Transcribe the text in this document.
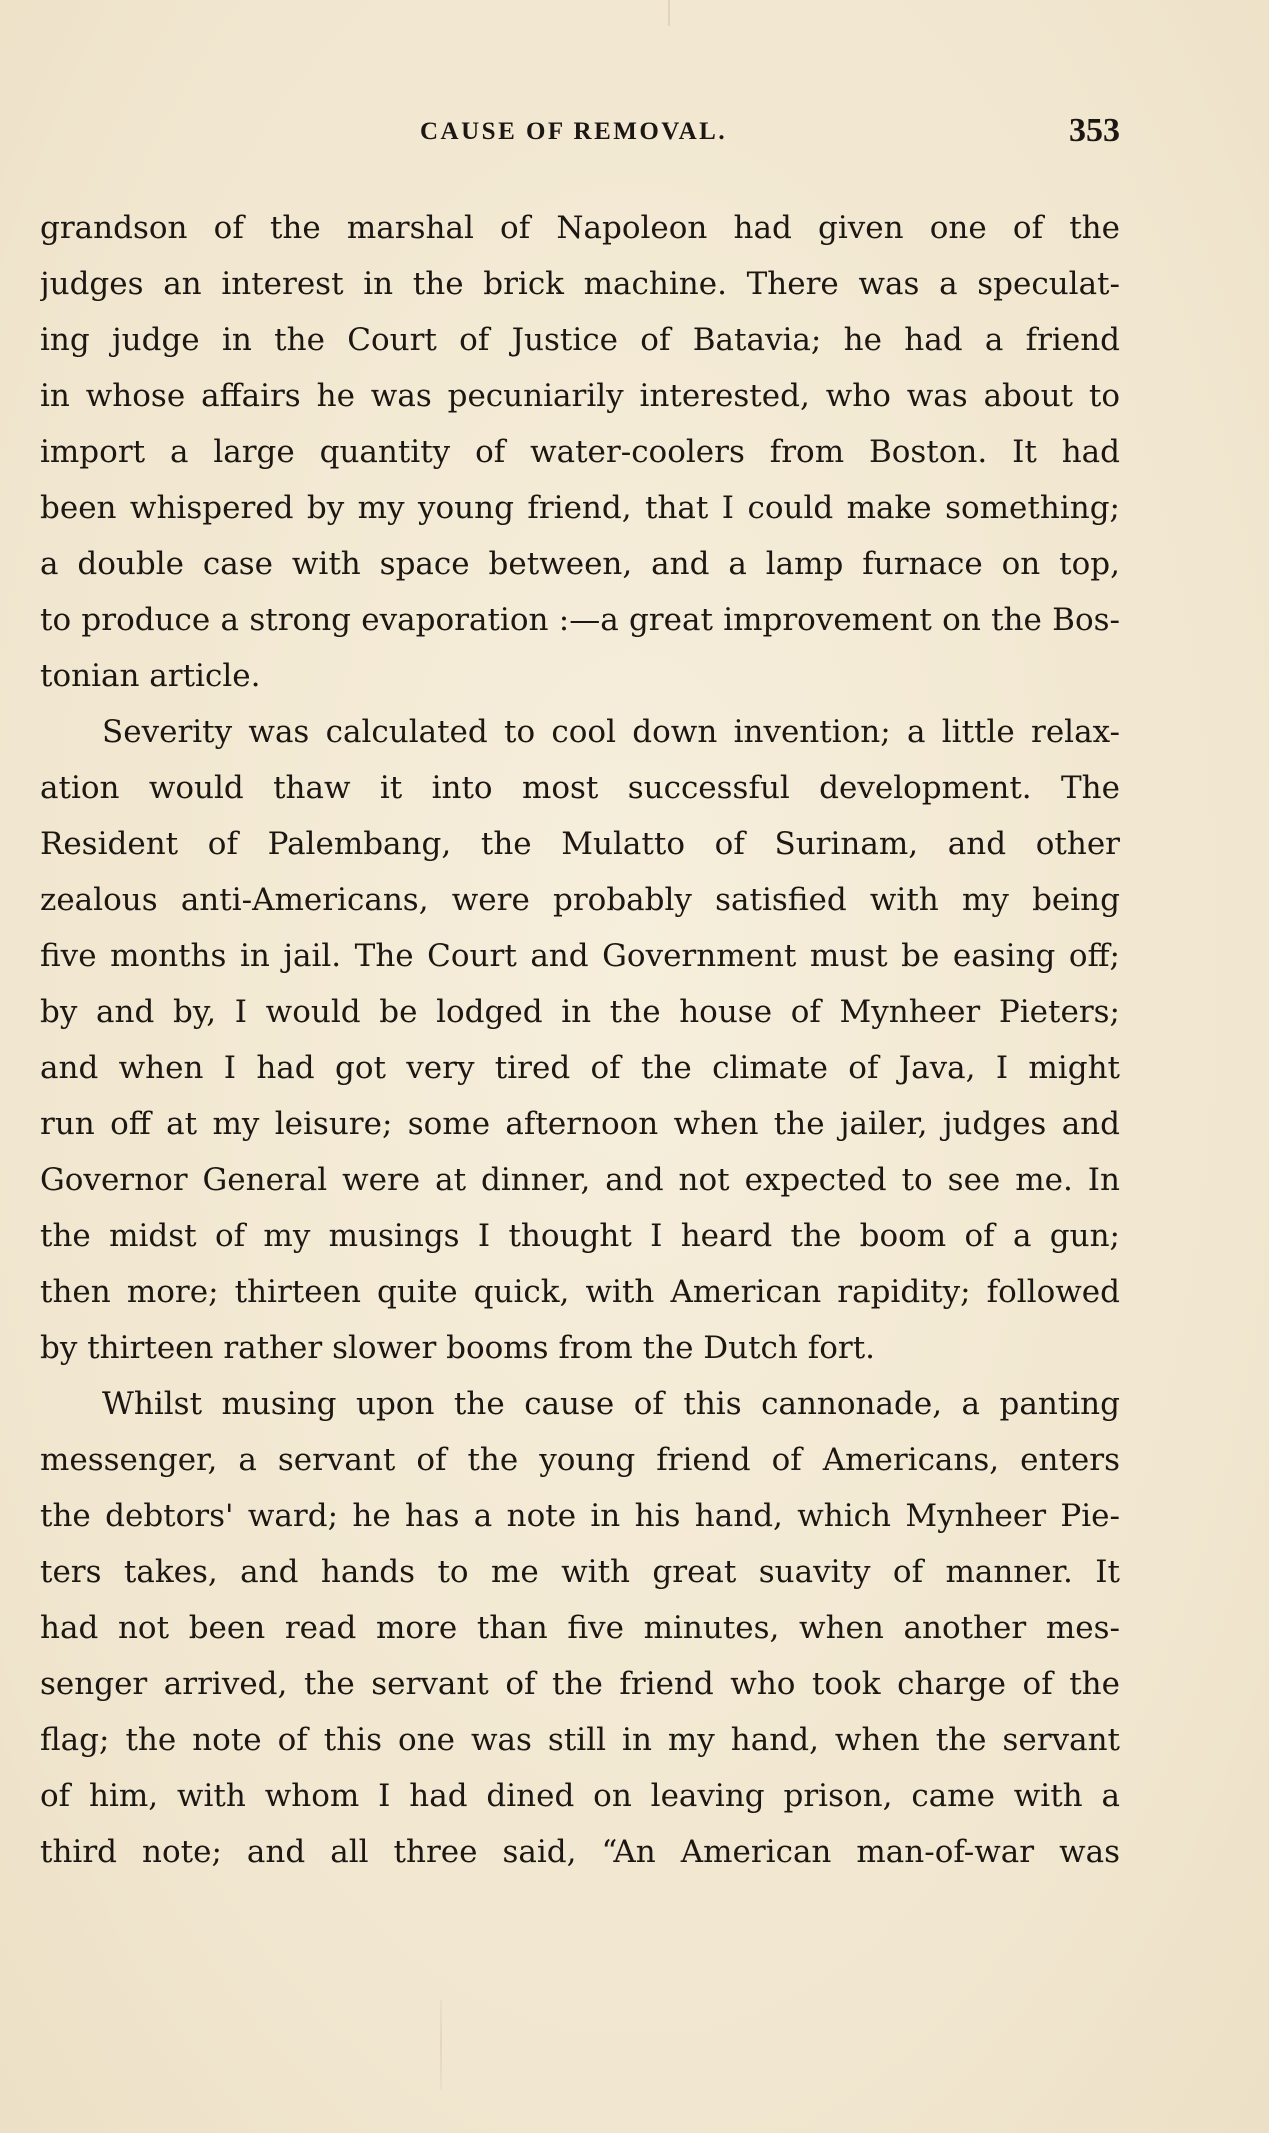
CAUSE OF REMOVAL.	353
grandson of the marshal of Napoleon had given one of the
judges an interest in the brick machine. There was a speculat-
ing judge in the Court of Justice of Batavia; he had a friend
in whose affairs he was pecuniarily interested, who was about to
import a large quantity of water-coolers from Boston. It had
been whispered by my young friend, that I could make something;
a double case with space between, and a lamp furnace on top,
to produce a strong evaporation :—a great improvement on the Bos-
tonian article.
Severity was calculated to cool down invention; a little relax-
ation would thaw it into most successful development. The
Resident of Palembang, the Mulatto of Surinam, and other
zealous anti-Americans, were probably satisfied with my being
five months in jail. The Court and Government must be easing off;
by and by, I would be lodged in the house of Mynheer Pieters;
and when I had got very tired of the climate of Java, I might
run off at my leisure; some afternoon when the jailer, judges and
Governor General were at dinner, and not expected to see me. In
the midst of my musings I thought I heard the boom of a gun;
then more; thirteen quite quick, with American rapidity; followed
by thirteen rather slower booms from the Dutch fort.
Whilst musing upon the cause of this cannonade, a panting
messenger, a servant of the young friend of Americans, enters
the debtors' ward; he has a note in his hand, which Mynheer Pie-
ters takes, and hands to me with great suavity of manner. It
had not been read more than five minutes, when another mes-
senger arrived, the servant of the friend who took charge of the
flag; the note of this one was still in my hand, when the servant
of him, with whom I had dined on leaving prison, came with a
third note; and all three said, “An American man-of-war was
